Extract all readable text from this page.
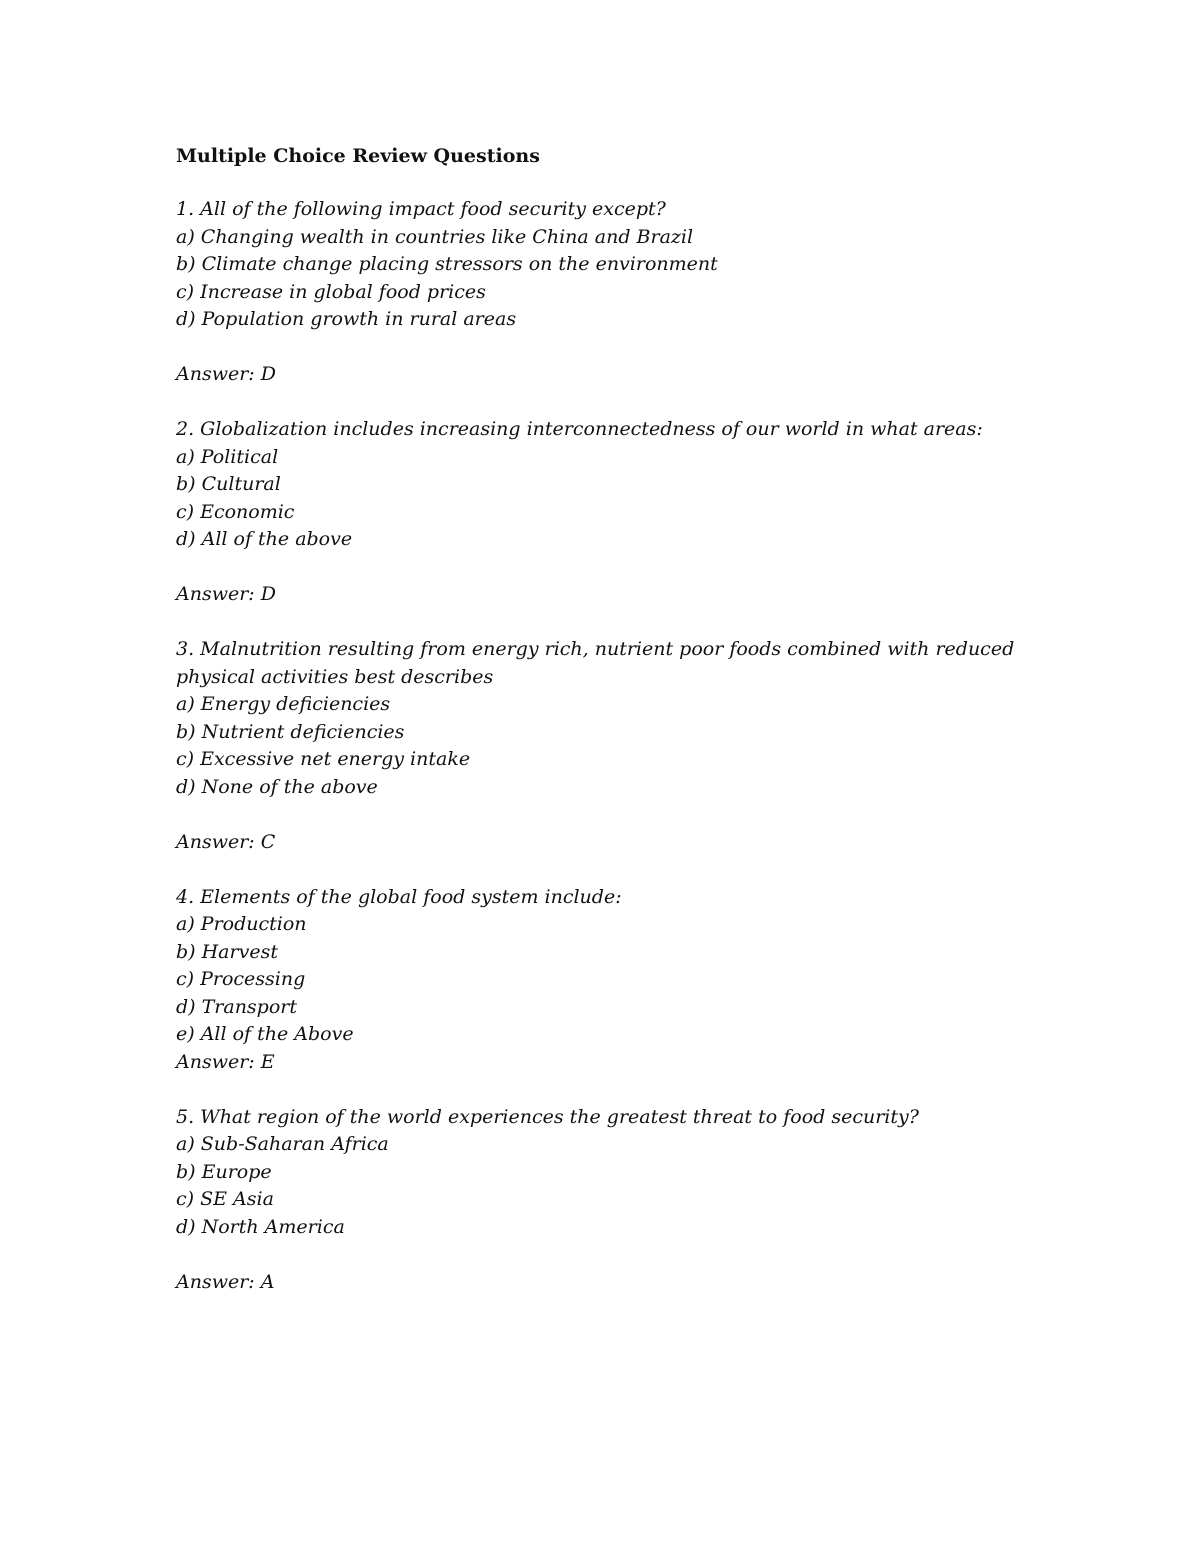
Multiple Choice Review Questions
1. All of the following impact food security except?
a) Changing wealth in countries like China and Brazil
b) Climate change placing stressors on the environment
c) Increase in global food prices
d) Population growth in rural areas
Answer: D
2. Globalization includes increasing interconnectedness of our world in what areas:
a) Political
b) Cultural
c) Economic
d) All of the above
Answer: D
3. Malnutrition resulting from energy rich, nutrient poor foods combined with reduced physical activities best describes
a) Energy deficiencies
b) Nutrient deficiencies
c) Excessive net energy intake
d) None of the above
Answer: C
4. Elements of the global food system include:
a) Production
b) Harvest
c) Processing
d) Transport
e) All of the Above
Answer: E
5. What region of the world experiences the greatest threat to food security?
a) Sub-Saharan Africa
b) Europe
c) SE Asia
d) North America
Answer: A
